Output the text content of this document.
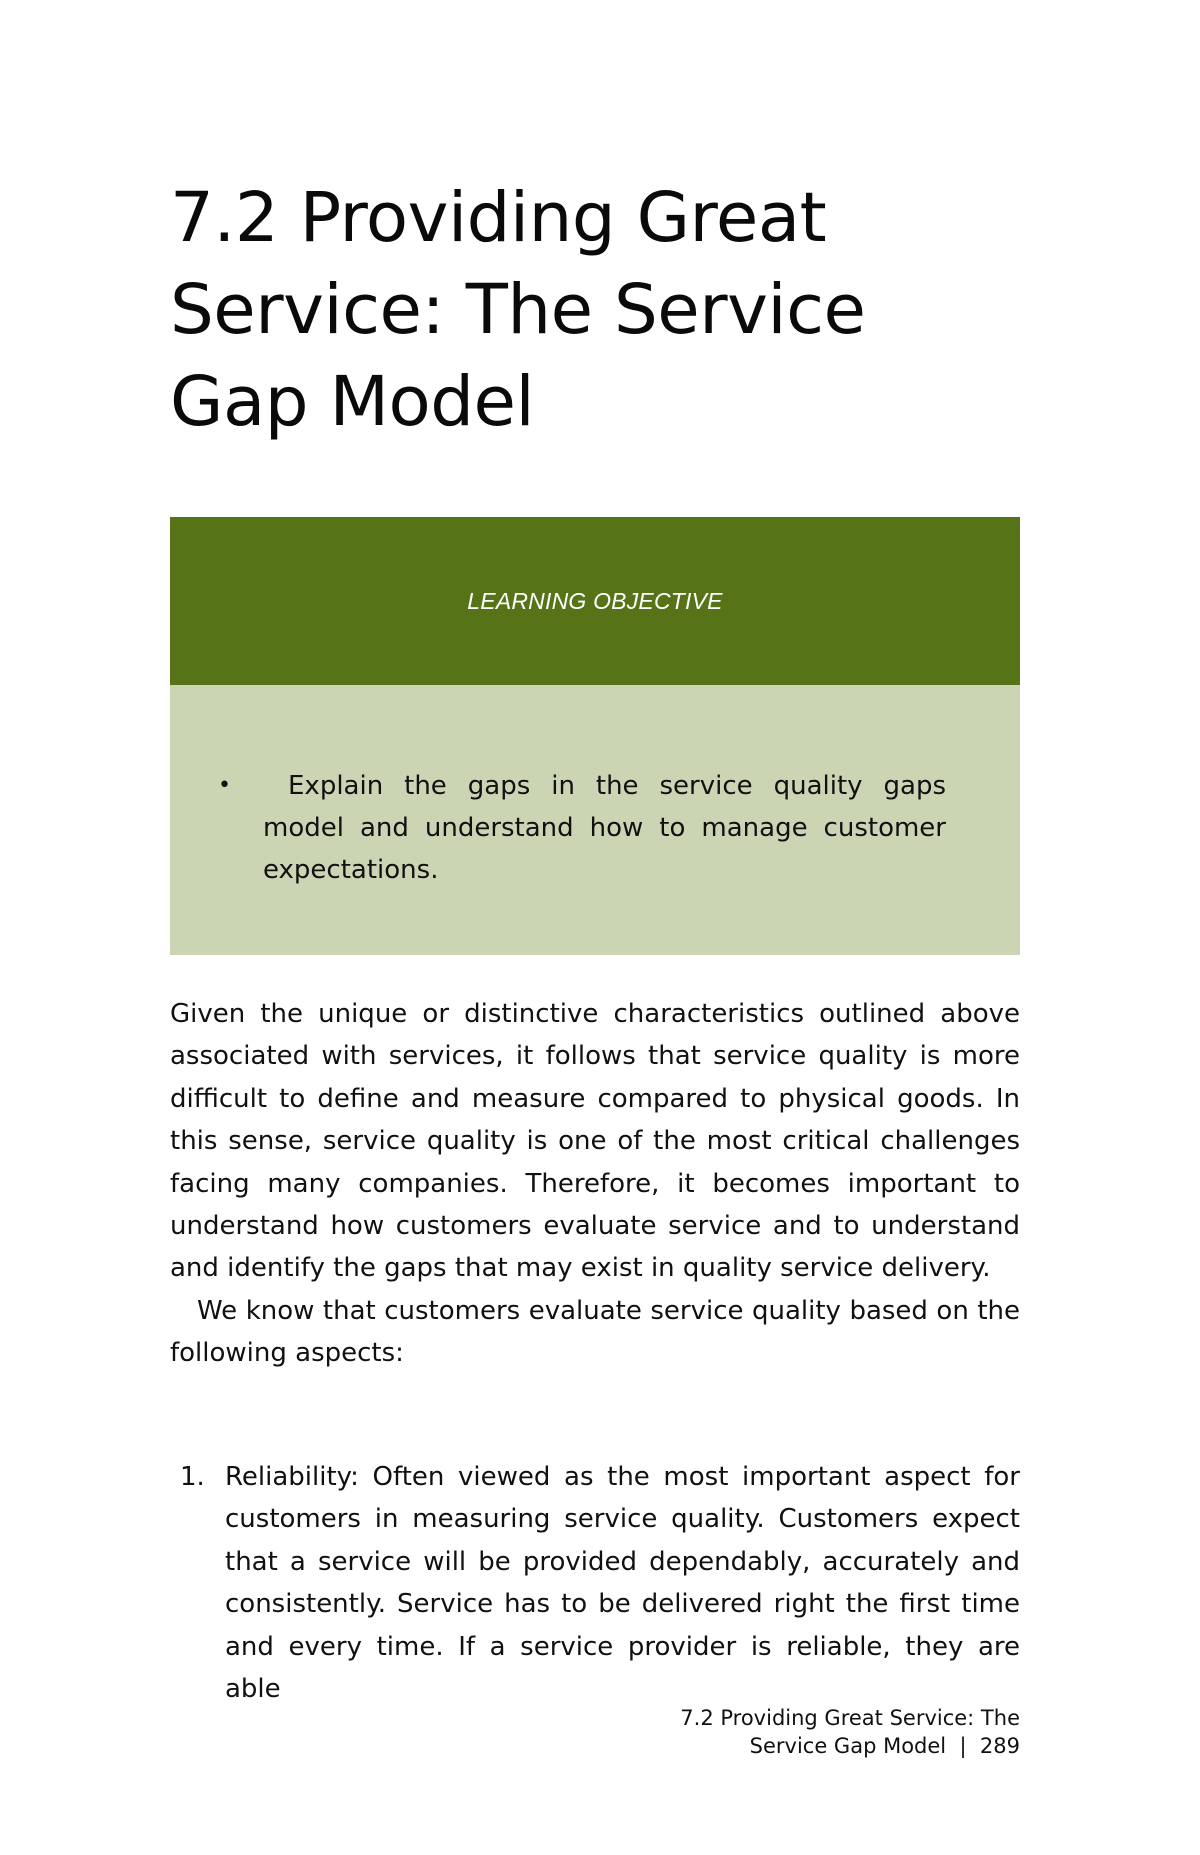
7.2 Providing Great Service: The Service Gap Model
LEARNING OBJECTIVE
•	Explain the gaps in the service quality gaps model and understand how to manage customer expectations.

Given the unique or distinctive characteristics outlined above associated with services, it follows that service quality is more difficult to define and measure compared to physical goods. In this sense, service quality is one of the most critical challenges facing many companies. Therefore, it becomes important to understand how customers evaluate service and to understand and identify the gaps that may exist in quality service delivery.

We know that customers evaluate service quality based on the following aspects:

1. Reliability: Often viewed as the most important aspect for customers in measuring service quality. Customers expect that a service will be provided dependably, accurately and consistently. Service has to be delivered right the first time and every time. If a service provider is reliable, they are able
7.2 Providing Great Service: The
Service Gap Model  |  289
